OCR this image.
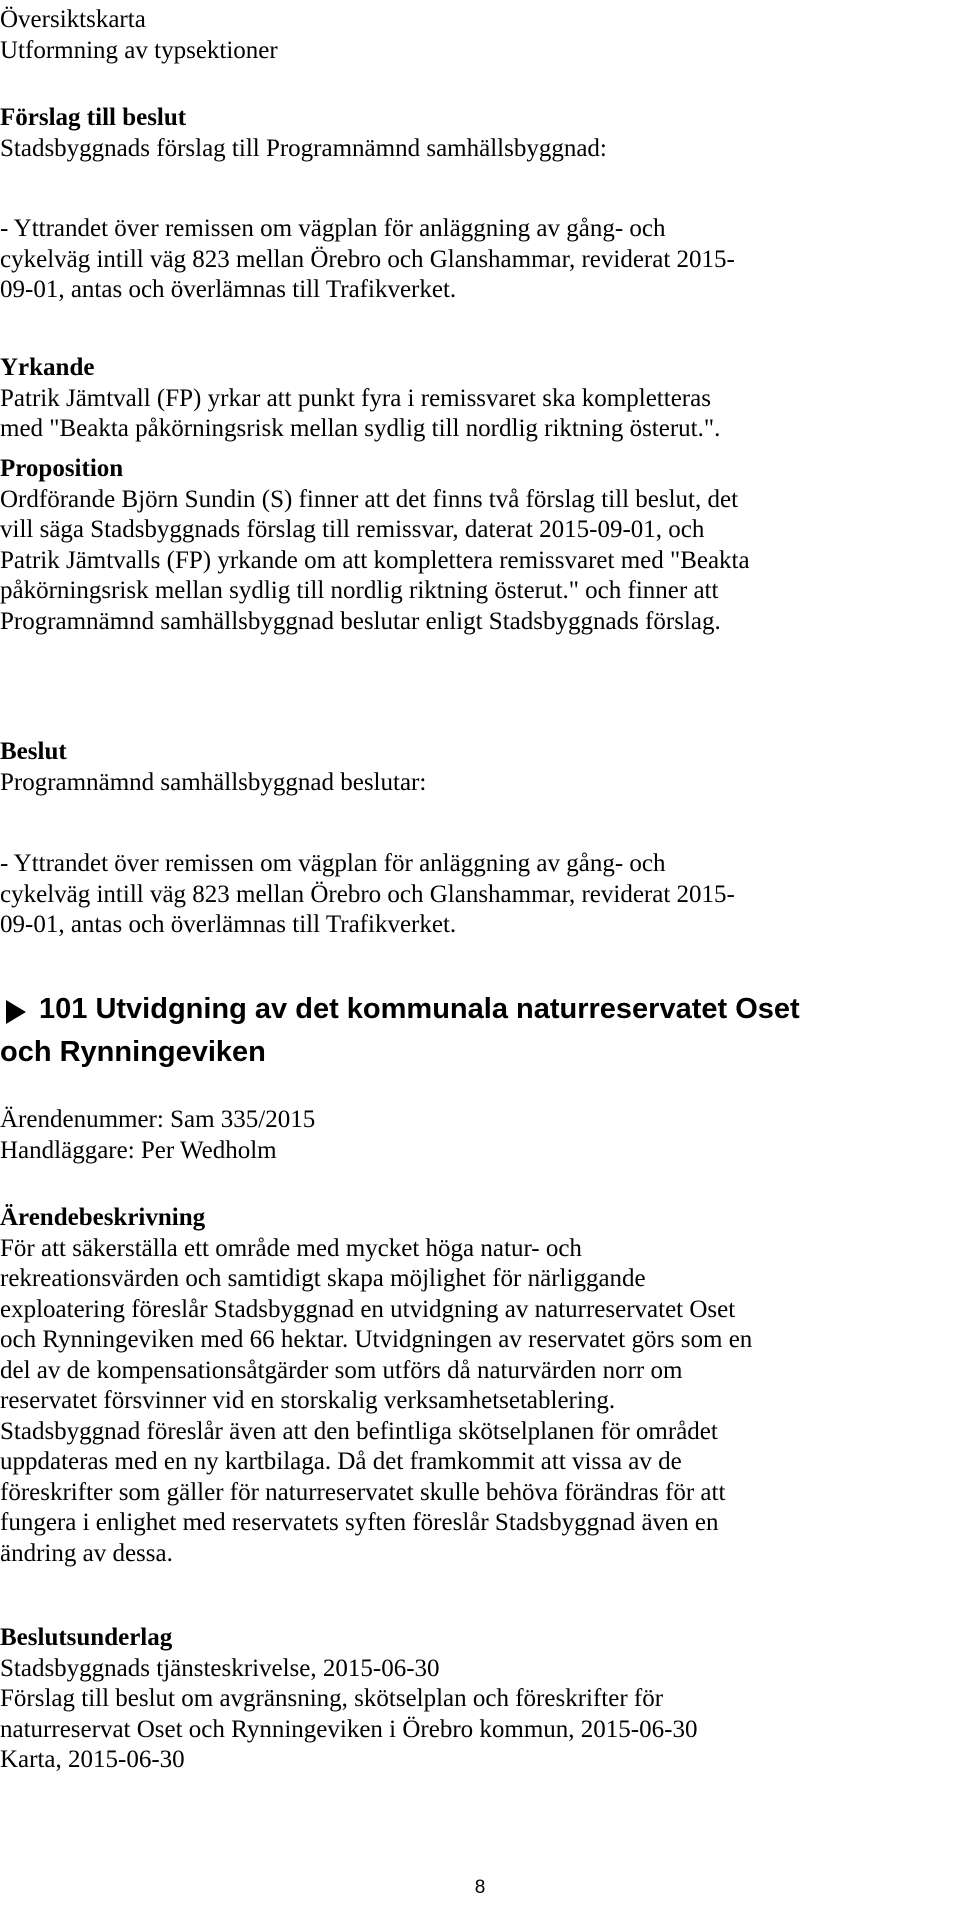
Översiktskarta
Utformning av typsektioner
Förslag till beslut
Stadsbyggnads förslag till Programnämnd samhällsbyggnad:
- Yttrandet över remissen om vägplan för anläggning av gång- och
cykelväg intill väg 823 mellan Örebro och Glanshammar, reviderat 2015-
09-01, antas och överlämnas till Trafikverket.
Yrkande
Patrik Jämtvall (FP) yrkar att punkt fyra i remissvaret ska kompletteras
med "Beakta påkörningsrisk mellan sydlig till nordlig riktning österut.".
Proposition
Ordförande Björn Sundin (S) finner att det finns två förslag till beslut, det
vill säga Stadsbyggnads förslag till remissvar, daterat 2015-09-01, och
Patrik Jämtvalls (FP) yrkande om att komplettera remissvaret med "Beakta
påkörningsrisk mellan sydlig till nordlig riktning österut." och finner att
Programnämnd samhällsbyggnad beslutar enligt Stadsbyggnads förslag.
Beslut
Programnämnd samhällsbyggnad beslutar:
- Yttrandet över remissen om vägplan för anläggning av gång- och
cykelväg intill väg 823 mellan Örebro och Glanshammar, reviderat 2015-
09-01, antas och överlämnas till Trafikverket.
101 Utvidgning av det kommunala naturreservatet Oset
och Rynningeviken
Ärendenummer: Sam 335/2015
Handläggare: Per Wedholm
Ärendebeskrivning
För att säkerställa ett område med mycket höga natur- och
rekreationsvärden och samtidigt skapa möjlighet för närliggande
exploatering föreslår Stadsbyggnad en utvidgning av naturreservatet Oset
och Rynningeviken med 66 hektar. Utvidgningen av reservatet görs som en
del av de kompensationsåtgärder som utförs då naturvärden norr om
reservatet försvinner vid en storskalig verksamhetsetablering.
Stadsbyggnad föreslår även att den befintliga skötselplanen för området
uppdateras med en ny kartbilaga. Då det framkommit att vissa av de
föreskrifter som gäller för naturreservatet skulle behöva förändras för att
fungera i enlighet med reservatets syften föreslår Stadsbyggnad även en
ändring av dessa.
Beslutsunderlag
Stadsbyggnads tjänsteskrivelse, 2015-06-30
Förslag till beslut om avgränsning, skötselplan och föreskrifter för
naturreservat Oset och Rynningeviken i Örebro kommun, 2015-06-30
Karta, 2015-06-30
8
